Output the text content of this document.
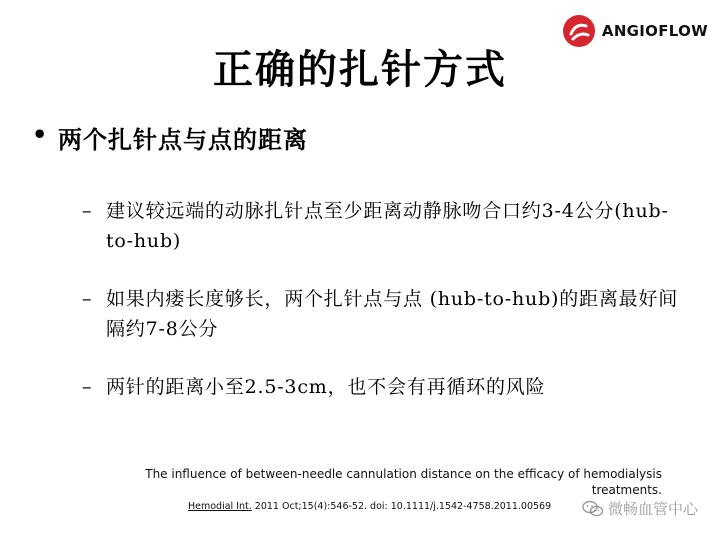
ANGIOFLOW
正确的扎针方式
• 两个扎针点与点的距离
– 建议较远端的动脉扎针点至少距离动静脉吻合口约3-4公分(hub-to-hub)
– 如果内瘘长度够长，两个扎针点与点 (hub-to-hub)的距离最好间隔约7-8公分
– 两针的距离小至2.5-3cm，也不会有再循环的风险
The influence of between-needle cannulation distance on the efficacy of hemodialysis treatments.
Hemodial Int. 2011 Oct;15(4):546-52. doi: 10.1111/j.1542-4758.2011.00569	微畅血管中心
